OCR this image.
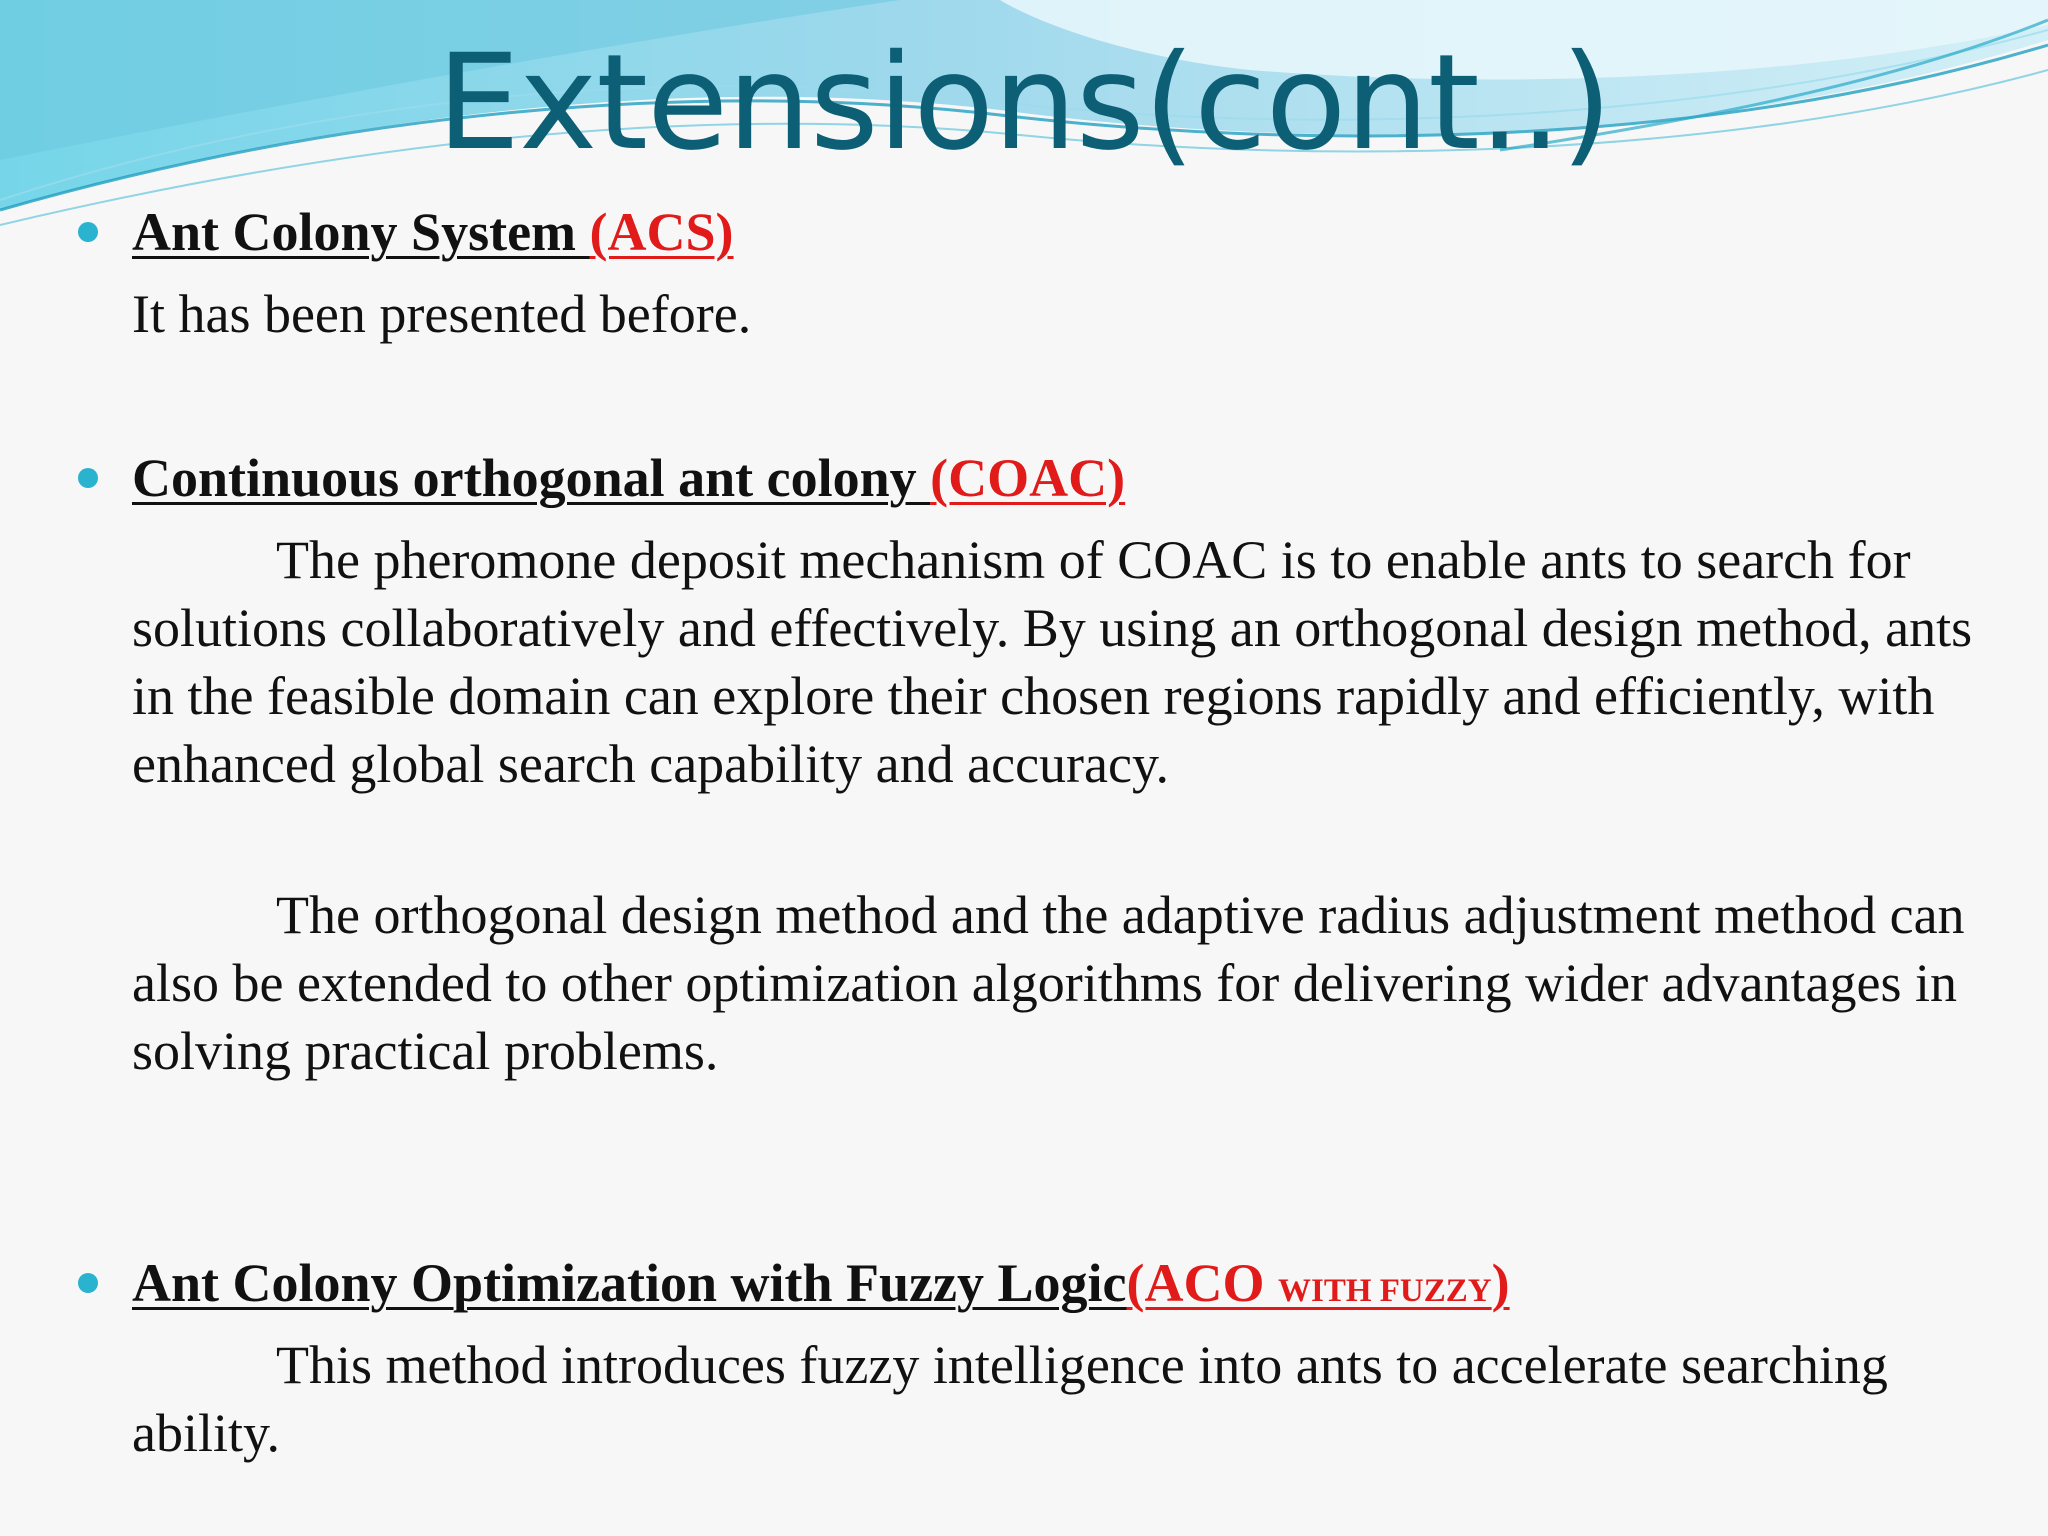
Extensions(cont..)
Ant Colony System (ACS)

It has been presented before.

Continuous orthogonal ant colony (COAC)

The pheromone deposit mechanism of COAC is to enable ants to search for solutions collaboratively and effectively. By using an orthogonal design method, ants in the feasible domain can explore their chosen regions rapidly and efficiently, with enhanced global search capability and accuracy.

The orthogonal design method and the adaptive radius adjustment method can also be extended to other optimization algorithms for delivering wider advantages in solving practical problems.

Ant Colony Optimization with Fuzzy Logic(ACO WITH FUZZY)

This method introduces fuzzy intelligence into ants to accelerate searching ability.
